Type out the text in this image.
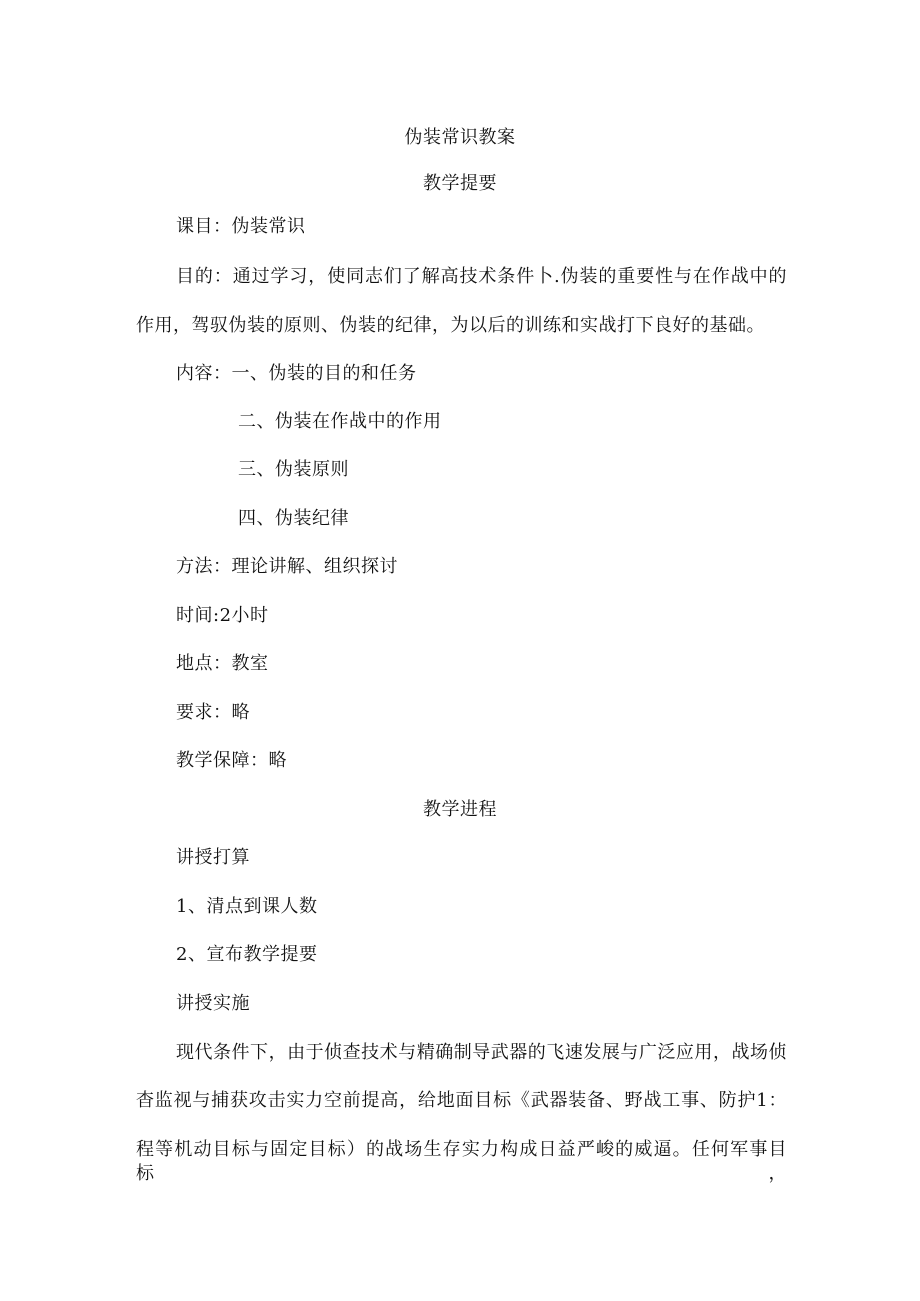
伪装常识教案
教学提要
课目：伪装常识
目的：通过学习，使同志们了解高技术条件卜.伪装的重要性与在作战中的
作用，驾驭伪装的原则、伪装的纪律，为以后的训练和实战打下良好的基础。
内容：一、伪装的目的和任务
二、伪装在作战中的作用
三、伪装原则
四、伪装纪律
方法：理论讲解、组织探讨
时间:2小时
地点：教室
要求：略
教学保障：略
教学进程
讲授打算
1、清点到课人数
2、宣布教学提要
讲授实施
现代条件下，由于侦查技术与精确制导武器的飞速发展与广泛应用，战场侦
杳监视与捕获攻击实力空前提高，给地面目标《武器装备、野战工事、防护1：
程等机动目标与固定目标）的战场生存实力构成日益严峻的威逼。任何军事目标，
